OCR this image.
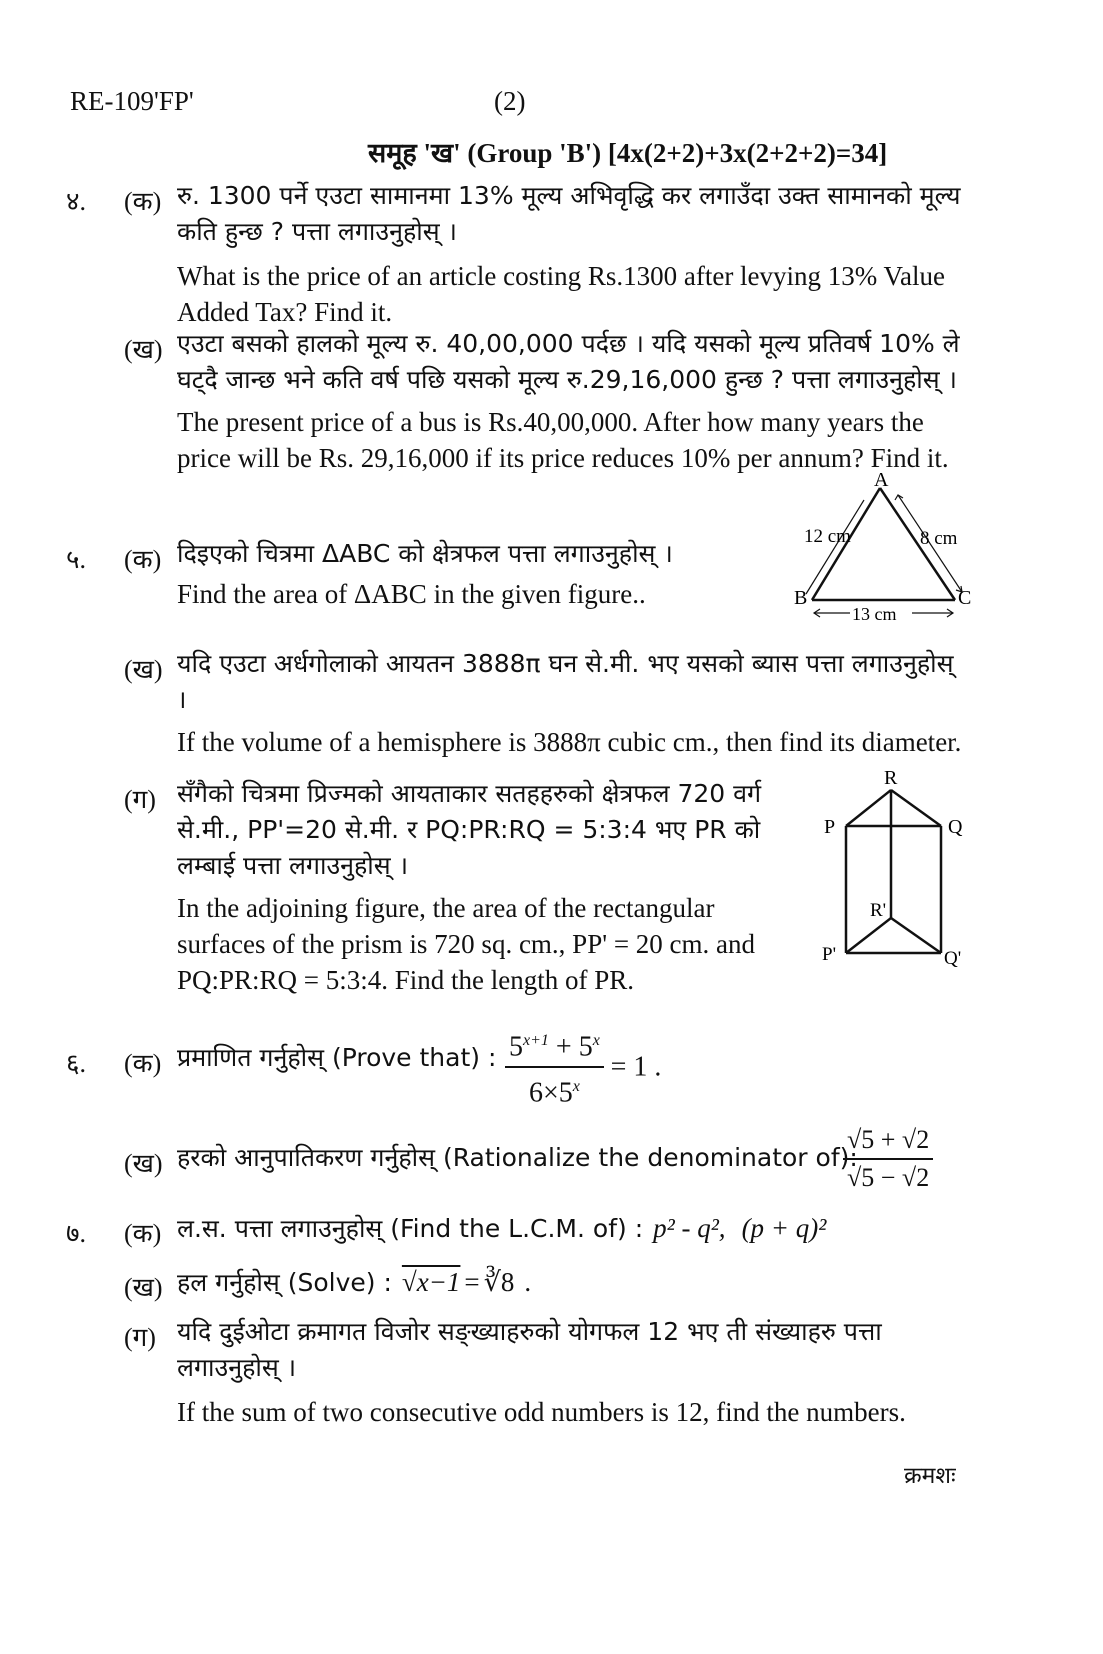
RE-109'FP'	(2)
समूह 'ख' (Group 'B') [4x(2+2)+3x(2+2+2)=34]
४. (क) रु. 1300 पर्ने एउटा सामानमा 13% मूल्य अभिवृद्धि कर लगाउँदा उक्त सामानको मूल्य कति हुन्छ ? पत्ता लगाउनुहोस् ।
What is the price of an article costing Rs.1300 after levying 13% Value Added Tax? Find it.
(ख) एउटा बसको हालको मूल्य रु. 40,00,000 पर्दछ । यदि यसको मूल्य प्रतिवर्ष 10% ले घट्दै जान्छ भने कति वर्ष पछि यसको मूल्य रु.29,16,000 हुन्छ ? पत्ता लगाउनुहोस् ।
The present price of a bus is Rs.40,00,000. After how many years the price will be Rs. 29,16,000 if its price reduces 10% per annum? Find it.
५. (क) दिइएको चित्रमा ΔABC को क्षेत्रफल पत्ता लगाउनुहोस् ।
Find the area of ΔABC in the given figure..
A
B	C
12 cm	8 cm
13 cm
(ख) यदि एउटा अर्धगोलाको आयतन 3888π घन से.मी. भए यसको ब्यास पत्ता लगाउनुहोस् ।
If the volume of a hemisphere is 3888π cubic cm., then find its diameter.
(ग) सँगैको चित्रमा प्रिज्मको आयताकार सतहहरुको क्षेत्रफल 720 वर्ग से.मी., PP'=20 से.मी. र PQ:PR:RQ = 5:3:4 भए PR को लम्बाई पत्ता लगाउनुहोस् ।
In the adjoining figure, the area of the rectangular surfaces of the prism is 720 sq. cm., PP' = 20 cm. and PQ:PR:RQ = 5:3:4. Find the length of PR.
R
P	Q
R'
P'	Q'
६. (क) प्रमाणित गर्नुहोस् (Prove that) : $\frac{5^{x+1} + 5^x}{6\times 5^x} = 1$ .
(ख) हरको आनुपातिकरण गर्नुहोस् (Rationalize the denominator of):
$\frac{√5 + √2}{√5 - √2}$
७. (क) ल.स. पत्ता लगाउनुहोस् (Find the L.C.M. of) : p² - q², (p + q)²
(ख) हल गर्नुहोस् (Solve) : √x−1 = ∛8 .
(ग) यदि दुईओटा क्रमागत विजोर सङ्ख्याहरुको योगफल 12 भए ती संख्याहरु पत्ता लगाउनुहोस् ।
If the sum of two consecutive odd numbers is 12, find the numbers.
क्रमशः
